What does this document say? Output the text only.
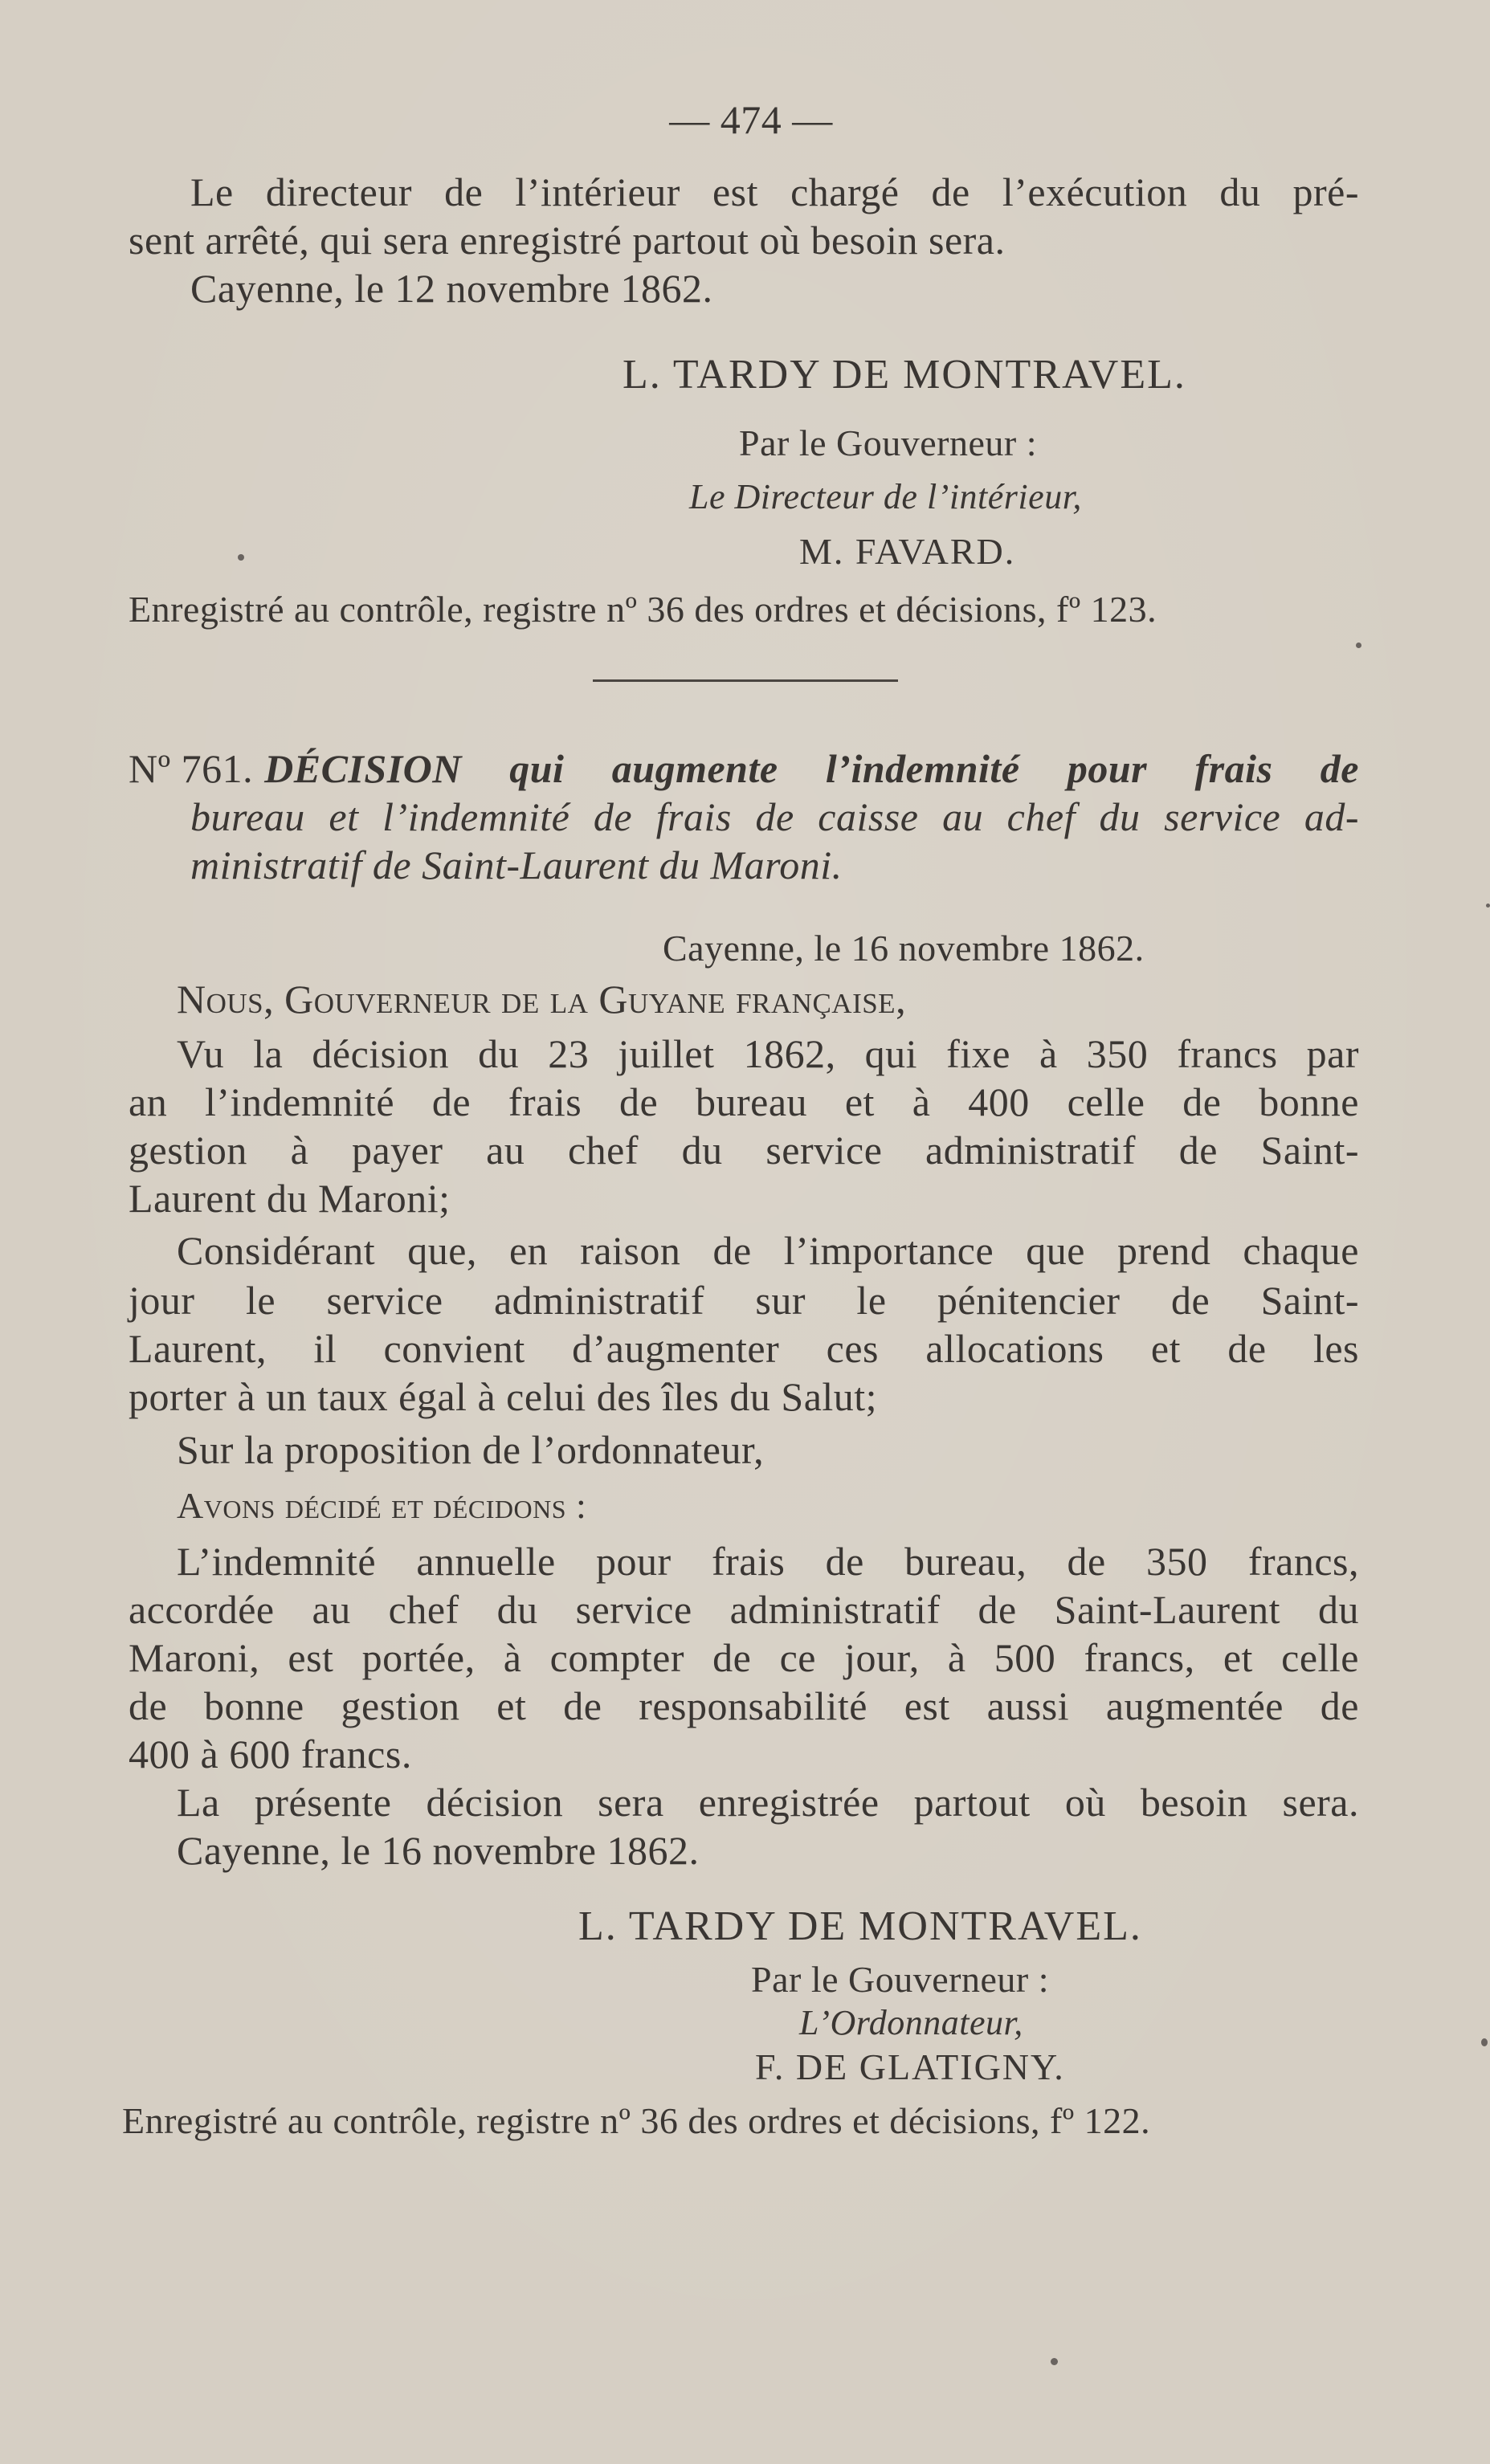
— 474 —
Le directeur de l’intérieur est chargé de l’exécution du pré-
sent arrêté, qui sera enregistré partout où besoin sera.
Cayenne, le 12 novembre 1862.
L. TARDY DE MONTRAVEL.
Par le Gouverneur :
Le Directeur de l’intérieur,
M. FAVARD.
Enregistré au contrôle, registre nº 36 des ordres et décisions, fº 123.
Nº 761. DÉCISION qui augmente l’indemnité pour frais de
bureau et l’indemnité de frais de caisse au chef du service ad-
ministratif de Saint-Laurent du Maroni.
Cayenne, le 16 novembre 1862.
Nous, Gouverneur de la Guyane française,
Vu la décision du 23 juillet 1862, qui fixe à 350 francs par
an l’indemnité de frais de bureau et à 400 celle de bonne
gestion à payer au chef du service administratif de Saint-
Laurent du Maroni;
Considérant que, en raison de l’importance que prend chaque
jour le service administratif sur le pénitencier de Saint-
Laurent, il convient d’augmenter ces allocations et de les
porter à un taux égal à celui des îles du Salut;
Sur la proposition de l’ordonnateur,
Avons décidé et décidons :
L’indemnité annuelle pour frais de bureau, de 350 francs,
accordée au chef du service administratif de Saint-Laurent du
Maroni, est portée, à compter de ce jour, à 500 francs, et celle
de bonne gestion et de responsabilité est aussi augmentée de
400 à 600 francs.
La présente décision sera enregistrée partout où besoin sera.
Cayenne, le 16 novembre 1862.
L. TARDY DE MONTRAVEL.
Par le Gouverneur :
L’Ordonnateur,
F. DE GLATIGNY.
Enregistré au contrôle, registre nº 36 des ordres et décisions, fº 122.
